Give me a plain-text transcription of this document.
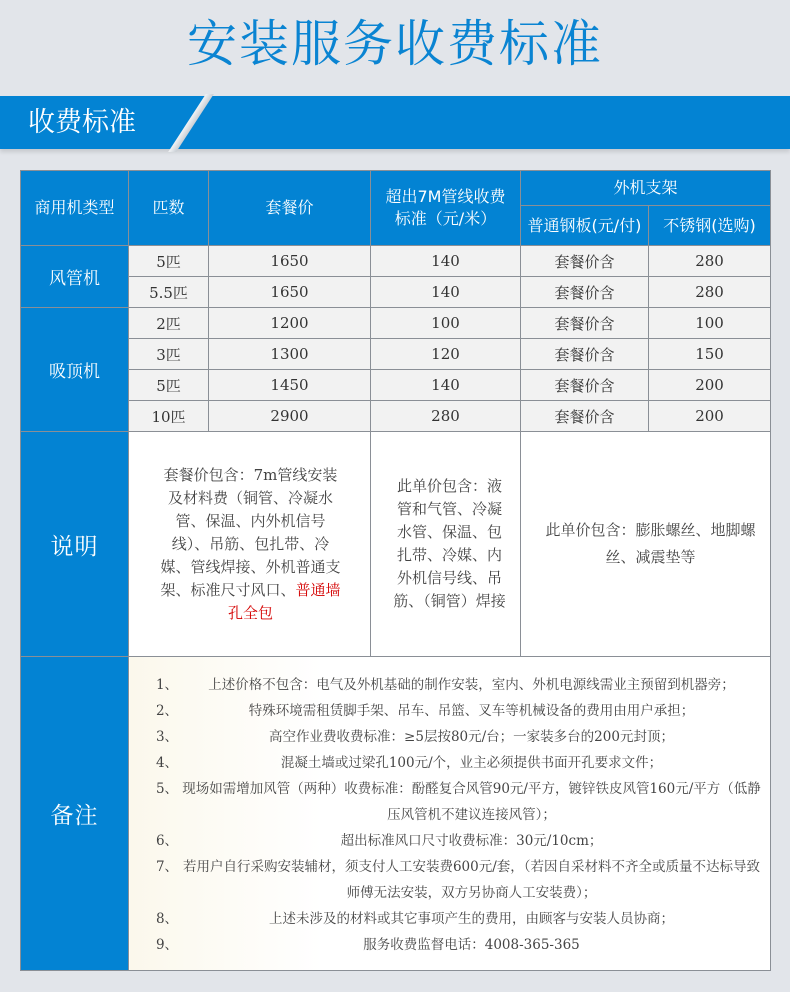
安装服务收费标准
收费标准
商用机类型	匹数	套餐价	超出7M管线收费标准（元/米）	外机支架	
				普通钢板(元/付)	不锈钢(选购)
风管机	5匹	1650	140	套餐价含	280
	5.5匹	1650	140	套餐价含	280
吸顶机	2匹	1200	100	套餐价含	100
	3匹	1300	120	套餐价含	150
	5匹	1450	140	套餐价含	200
	10匹	2900	280	套餐价含	200
说明	套餐价包含：7m管线安装及材料费（铜管、冷凝水管、保温、内外机信号线）、吊筋、包扎带、冷媒、管线焊接、外机普通支架、标准尺寸风口、普通墙孔全包		此单价包含：液管和气管、冷凝水管、保温、包扎带、冷媒、内外机信号线、吊筋、（铜管）焊接	此单价包含：膨胀螺丝、地脚螺丝、减震垫等	
备注	
1、	上述价格不包含：电气及外机基础的制作安装，室内、外机电源线需业主预留到机器旁；
2、	特殊环境需租赁脚手架、吊车、吊篮、叉车等机械设备的费用由用户承担；
3、	高空作业费收费标准：≥5层按80元/台；一家装多台的200元封顶；
4、	混凝土墙或过梁孔100元/个，业主必须提供书面开孔要求文件；
5、 现场如需增加风管（两种）收费标准：酚醛复合风管90元/平方，镀锌铁皮风管160元/平方（低静压风管机不建议连接风管）；
6、	超出标准风口尺寸收费标准：30元/10cm；
7、 若用户自行采购安装辅材，须支付人工安装费600元/套，（若因自采材料不齐全或质量不达标导致师傅无法安装，双方另协商人工安装费）；
8、	上述未涉及的材料或其它事项产生的费用，由顾客与安装人员协商；
9、	服务收费监督电话：4008-365-365
